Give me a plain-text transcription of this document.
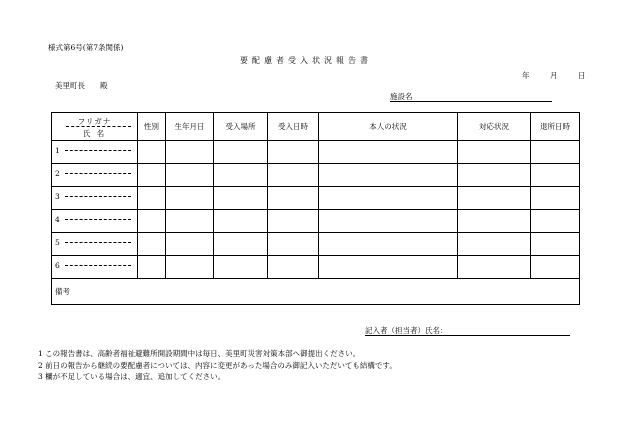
様式第6号(第7条関係)
要配慮者受入状況報告書
年	月	日
美里町長 殿
施設名
フリガナ
氏 名	性別	生年月日	受入場所	受入日時	本人の状況	対応状況	退所日時

1							

2							

3							

4							

5							

6							

備考							
記入者（担当者）氏名：
1 この報告書は、高齢者福祉避難所開設期間中は毎日、美里町災害対策本部へ御提出ください。
2 前日の報告から継続の要配慮者については、内容に変更があった場合のみ御記入いただいても結構です。
3 欄が不足している場合は、適宜、追加してください。
